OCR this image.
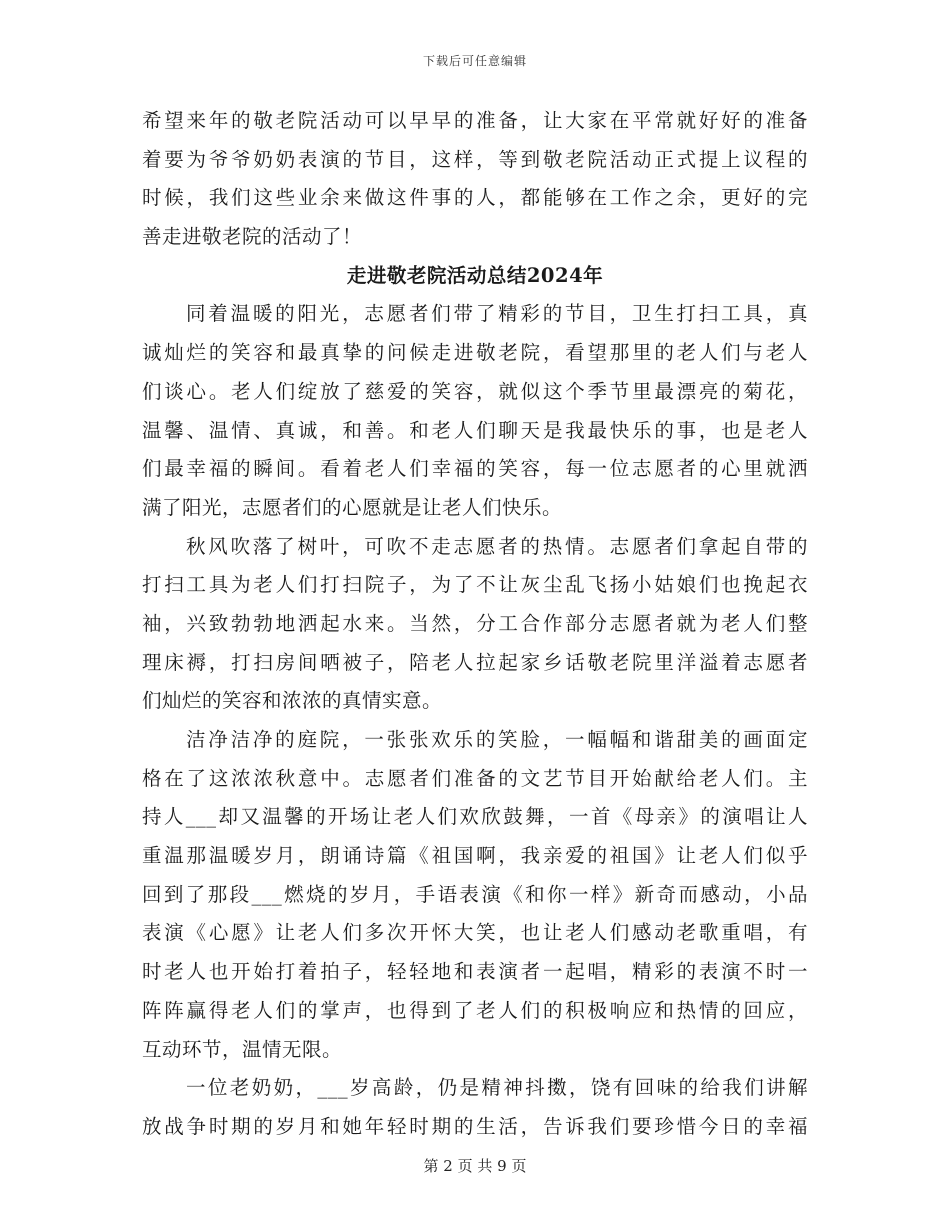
下载后可任意编辑
希望来年的敬老院活动可以早早的准备，让大家在平常就好好的准备
着要为爷爷奶奶表演的节目，这样，等到敬老院活动正式提上议程的
时候，我们这些业余来做这件事的人，都能够在工作之余，更好的完
善走进敬老院的活动了！
走进敬老院活动总结2024年
同着温暖的阳光，志愿者们带了精彩的节目，卫生打扫工具，真
诚灿烂的笑容和最真挚的问候走进敬老院，看望那里的老人们与老人
们谈心。老人们绽放了慈爱的笑容，就似这个季节里最漂亮的菊花，
温馨、温情、真诚，和善。和老人们聊天是我最快乐的事，也是老人
们最幸福的瞬间。看着老人们幸福的笑容，每一位志愿者的心里就洒
满了阳光，志愿者们的心愿就是让老人们快乐。
秋风吹落了树叶，可吹不走志愿者的热情。志愿者们拿起自带的
打扫工具为老人们打扫院子，为了不让灰尘乱飞扬小姑娘们也挽起衣
袖，兴致勃勃地洒起水来。当然，分工合作部分志愿者就为老人们整
理床褥，打扫房间晒被子，陪老人拉起家乡话敬老院里洋溢着志愿者
们灿烂的笑容和浓浓的真情实意。
洁净洁净的庭院，一张张欢乐的笑脸，一幅幅和谐甜美的画面定
格在了这浓浓秋意中。志愿者们准备的文艺节目开始献给老人们。主
持人___却又温馨的开场让老人们欢欣鼓舞，一首《母亲》的演唱让人
重温那温暖岁月，朗诵诗篇《祖国啊，我亲爱的祖国》让老人们似乎
回到了那段___燃烧的岁月，手语表演《和你一样》新奇而感动，小品
表演《心愿》让老人们多次开怀大笑，也让老人们感动老歌重唱，有
时老人也开始打着拍子，轻轻地和表演者一起唱，精彩的表演不时一
阵阵赢得老人们的掌声，也得到了老人们的积极响应和热情的回应，
互动环节，温情无限。
一位老奶奶，___岁高龄，仍是精神抖擞，饶有回味的给我们讲解
放战争时期的岁月和她年轻时期的生活，告诉我们要珍惜今日的幸福
第 2 页 共 9 页
